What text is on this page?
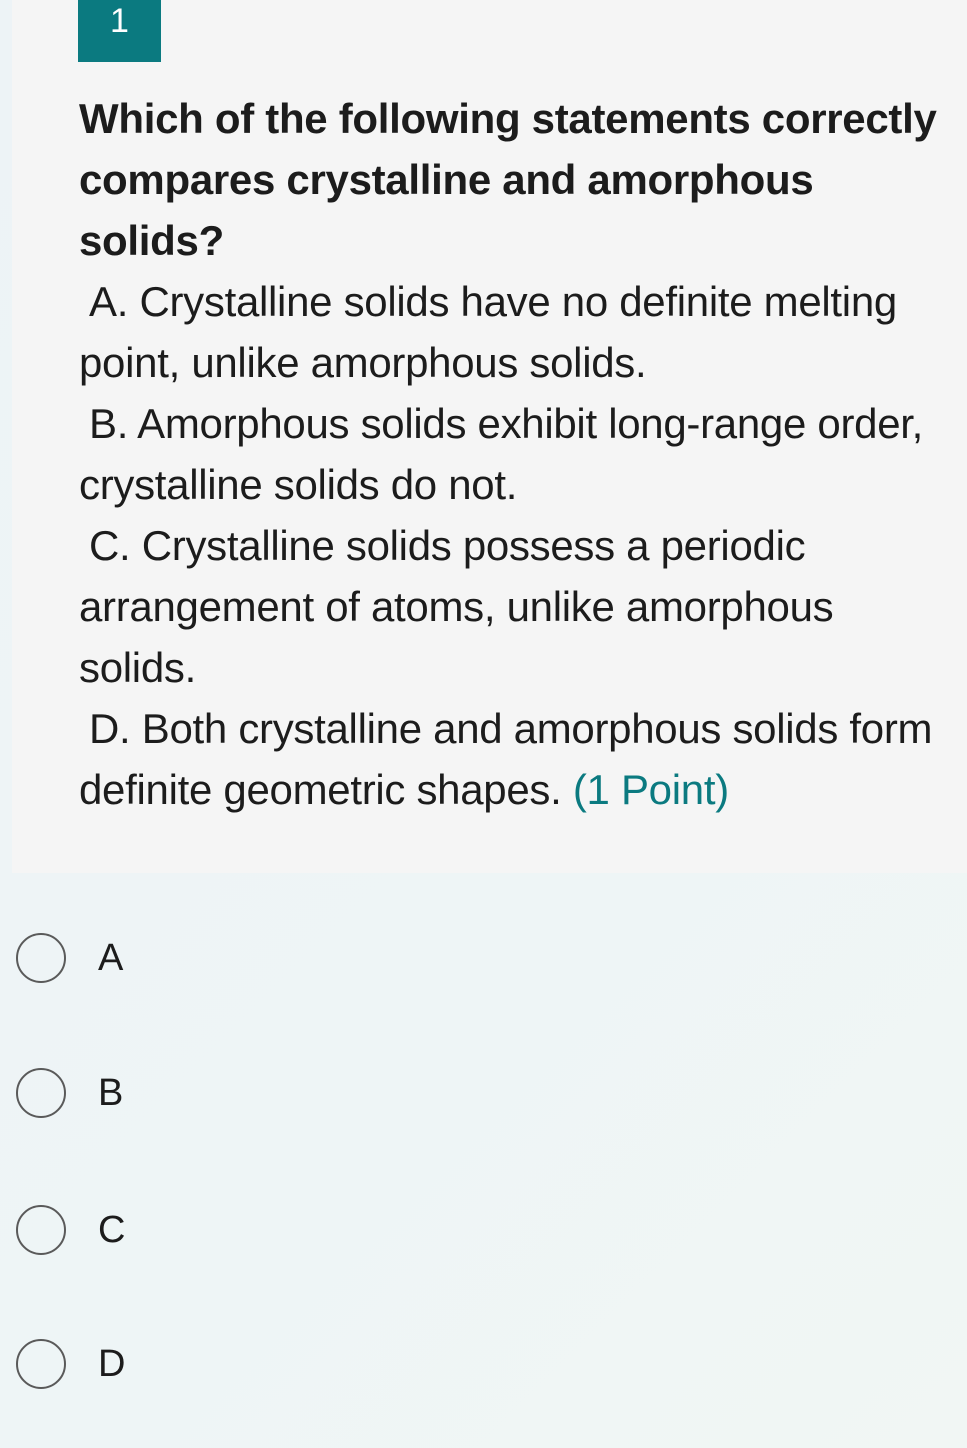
1
Which of the following statements correctly compares crystalline and amorphous solids?

A. Crystalline solids have no definite melting point, unlike amorphous solids.

B. Amorphous solids exhibit long-range order, crystalline solids do not.

C. Crystalline solids possess a periodic arrangement of atoms, unlike amorphous solids.

D. Both crystalline and amorphous solids form definite geometric shapes. (1 Point)

A
B
C
D
